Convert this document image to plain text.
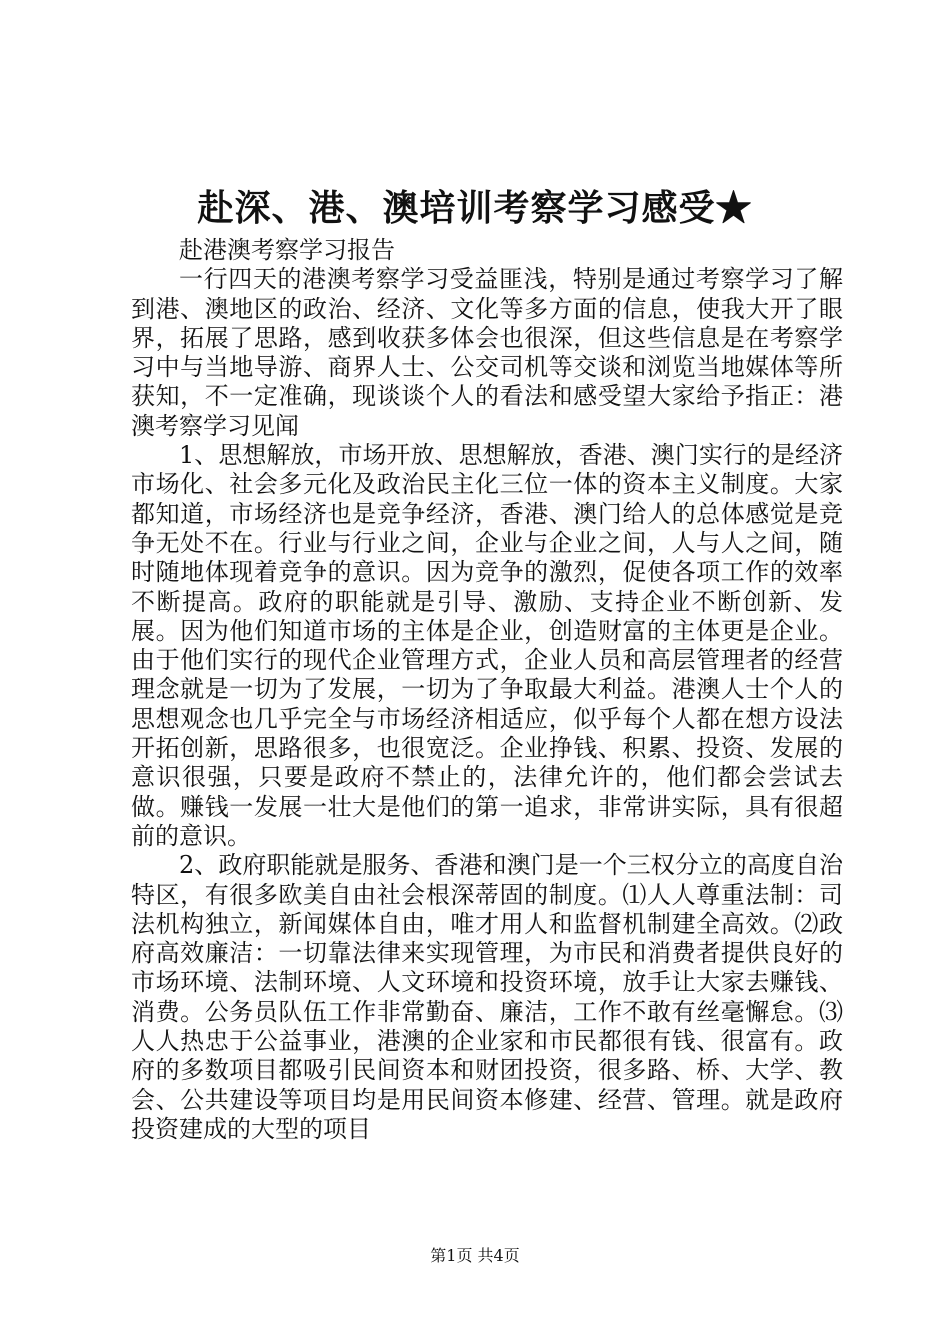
赴深、港、澳培训考察学习感受★

赴港澳考察学习报告

一行四天的港澳考察学习受益匪浅，特别是通过考察学习了解到港、澳地区的政治、经济、文化等多方面的信息，使我大开了眼界，拓展了思路，感到收获多体会也很深，但这些信息是在考察学习中与当地导游、商界人士、公交司机等交谈和浏览当地媒体等所获知，不一定准确，现谈谈个人的看法和感受望大家给予指正：港澳考察学习见闻

1、思想解放，市场开放、思想解放，香港、澳门实行的是经济市场化、社会多元化及政治民主化三位一体的资本主义制度。大家都知道，市场经济也是竞争经济，香港、澳门给人的总体感觉是竞争无处不在。行业与行业之间，企业与企业之间，人与人之间，随时随地体现着竞争的意识。因为竞争的激烈，促使各项工作的效率不断提高。政府的职能就是引导、激励、支持企业不断创新、发展。因为他们知道市场的主体是企业，创造财富的主体更是企业。由于他们实行的现代企业管理方式，企业人员和高层管理者的经营理念就是一切为了发展，一切为了争取最大利益。港澳人士个人的思想观念也几乎完全与市场经济相适应，似乎每个人都在想方设法开拓创新，思路很多，也很宽泛。企业挣钱、积累、投资、发展的意识很强，只要是政府不禁止的，法律允许的，他们都会尝试去做。赚钱一发展一壮大是他们的第一追求，非常讲实际，具有很超前的意识。

2、政府职能就是服务、香港和澳门是一个三权分立的高度自治特区，有很多欧美自由社会根深蒂固的制度。⑴人人尊重法制：司法机构独立，新闻媒体自由，唯才用人和监督机制建全高效。⑵政府高效廉洁：一切靠法律来实现管理，为市民和消费者提供良好的市场环境、法制环境、人文环境和投资环境，放手让大家去赚钱、消费。公务员队伍工作非常勤奋、廉洁，工作不敢有丝毫懈怠。⑶人人热忠于公益事业，港澳的企业家和市民都很有钱、很富有。政府的多数项目都吸引民间资本和财团投资，很多路、桥、大学、教会、公共建设等项目均是用民间资本修建、经营、管理。就是政府投资建成的大型的项目

第1页 共4页
